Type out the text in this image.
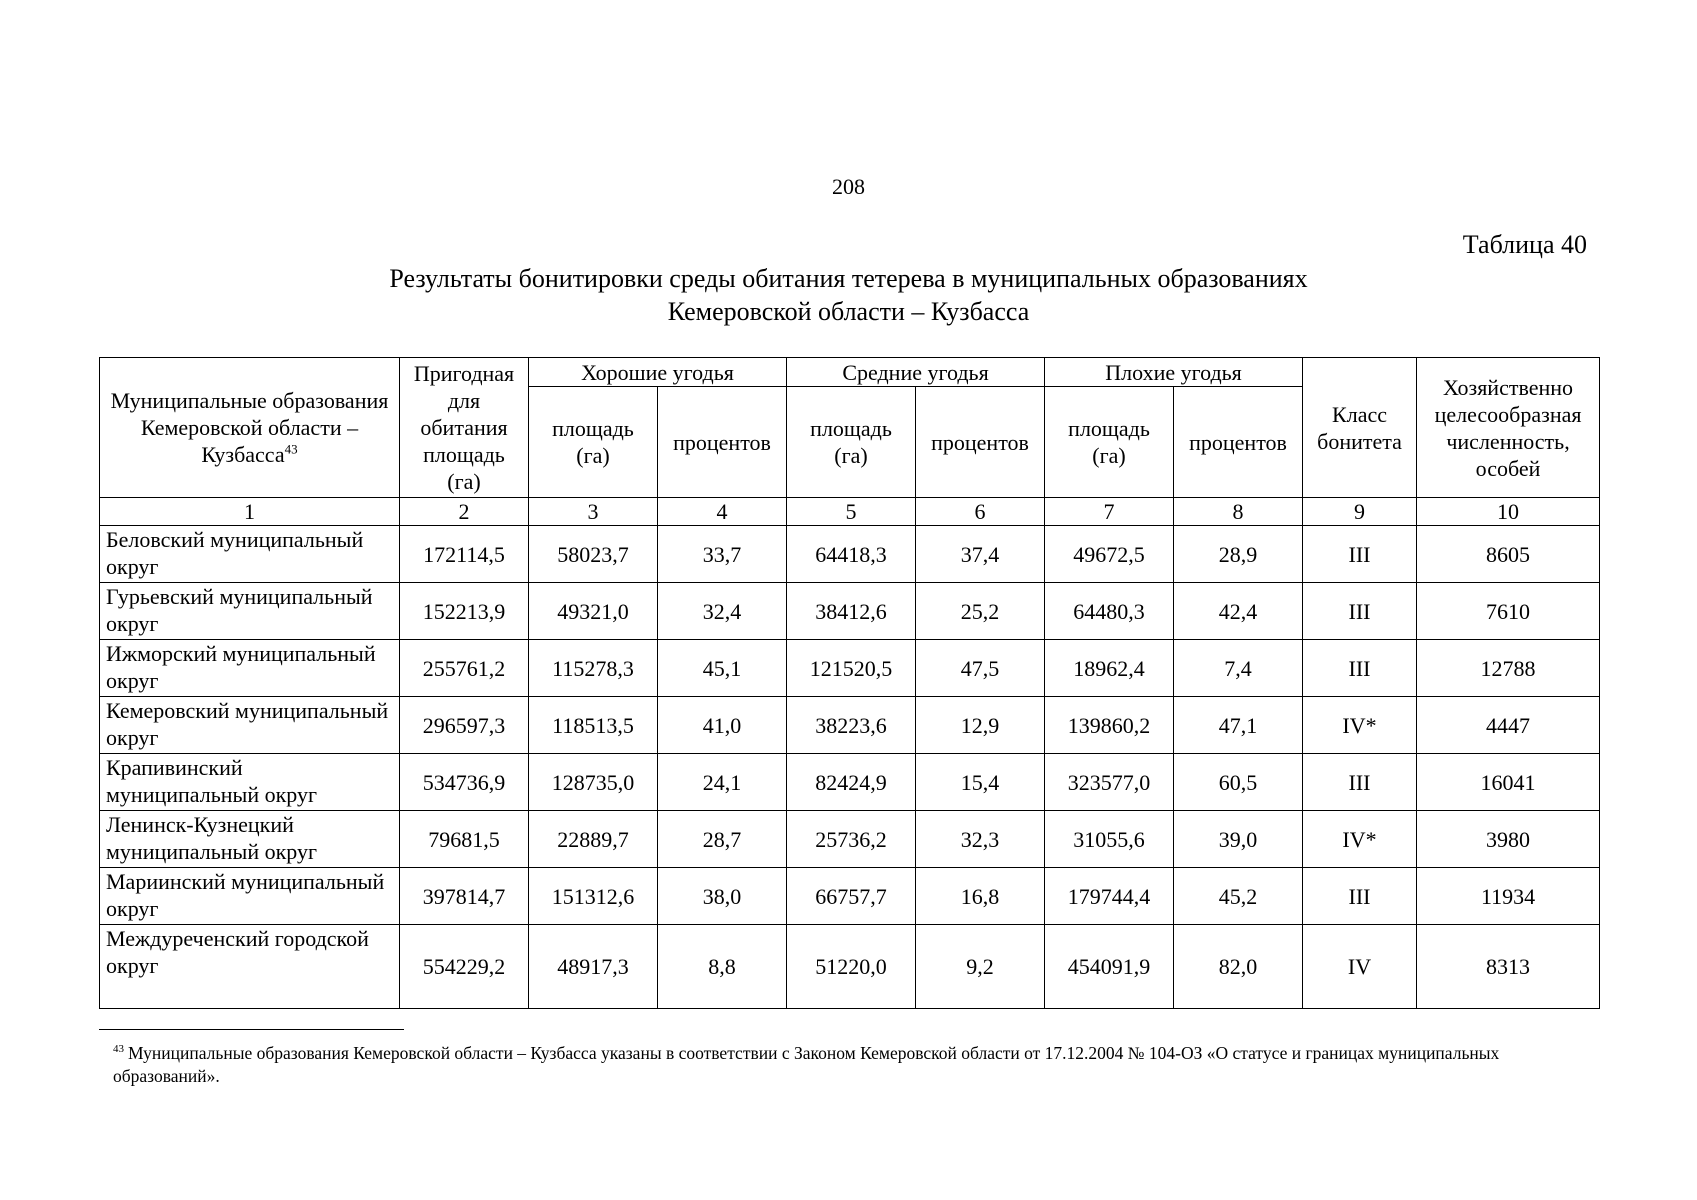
208
Таблица 40
Результаты бонитировки среды обитания тетерева в муниципальных образованиях
Кемеровской области – Кузбасса
Муниципальные образования Кемеровской области – Кузбасса$^{43}$	Пригодная для обитания площадь (га)	Хорошие угодья		Средние угодья		Плохие угодья		Класс бонитета	Хозяйственно целесообразная численность, особей
		площадь (га)	процентов	площадь (га)	процентов	площадь (га)	процентов		
1	2	3	4	5	6	7	8	9	10
Беловский муниципальный округ	172114,5	58023,7	33,7	64418,3	37,4	49672,5	28,9	III	8605
Гурьевский муниципальный округ	152213,9	49321,0	32,4	38412,6	25,2	64480,3	42,4	III	7610
Ижморский муниципальный округ	255761,2	115278,3	45,1	121520,5	47,5	18962,4	7,4	III	12788
Кемеровский муниципальный округ	296597,3	118513,5	41,0	38223,6	12,9	139860,2	47,1	IV*	4447
Крапивинский муниципальный округ	534736,9	128735,0	24,1	82424,9	15,4	323577,0	60,5	III	16041
Ленинск-Кузнецкий муниципальный округ	79681,5	22889,7	28,7	25736,2	32,3	31055,6	39,0	IV*	3980
Мариинский муниципальный округ	397814,7	151312,6	38,0	66757,7	16,8	179744,4	45,2	III	11934
Междуреченский городской округ	554229,2	48917,3	8,8	51220,0	9,2	454091,9	82,0	IV	8313
$^{43}$ Муниципальные образования Кемеровской области – Кузбасса указаны в соответствии с Законом Кемеровской области от 17.12.2004 № 104-ОЗ «О статусе и границах муниципальных образований».
